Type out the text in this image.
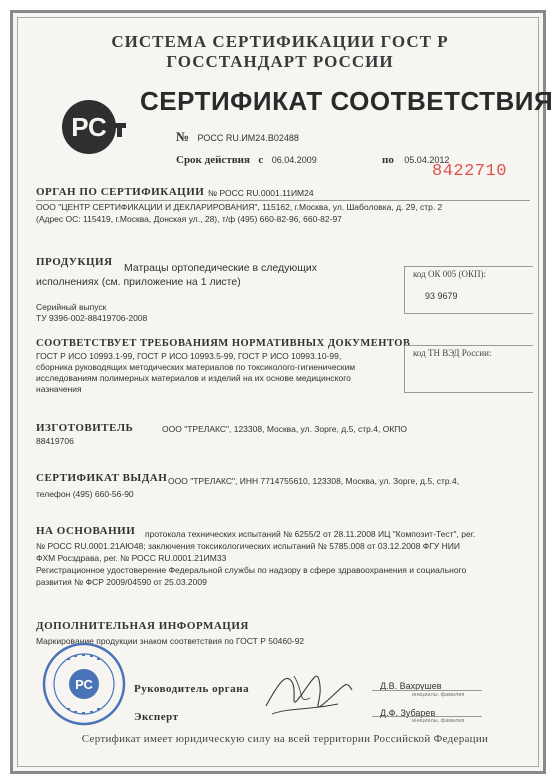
СИСТЕМА СЕРТИФИКАЦИИ ГОСТ Р
ГОССТАНДАРТ РОССИИ
РС
СЕРТИФИКАТ СООТВЕТСТВИЯ
№ РОСС RU.ИМ24.В02488
Срок действия с 06.04.2009	по 05.04.2012
8422710
ОРГАН ПО СЕРТИФИКАЦИИ № РОСС RU.0001.11ИМ24
ООО "ЦЕНТР СЕРТИФИКАЦИИ И ДЕКЛАРИРОВАНИЯ", 115162, г.Москва, ул. Шаболовка, д. 29, стр. 2
(Адрес ОС: 115419, г.Москва, Донская ул., 28), т/ф (495) 660-82-96, 660-82-97
ПРОДУКЦИЯ Матрацы ортопедические в следующих
исполнениях (см. приложение на 1 листе)
Серийный выпуск
ТУ 9396-002-88419706-2008
код ОК 005 (ОКП):
93 9679
СООТВЕТСТВУЕТ ТРЕБОВАНИЯМ НОРМАТИВНЫХ ДОКУМЕНТОВ
ГОСТ Р ИСО 10993.1-99, ГОСТ Р ИСО 10993.5-99, ГОСТ Р ИСО 10993.10-99,
сборника руководящих методических материалов по токсиколого-гигиеническим
исследованиям полимерных материалов и изделий на их основе медицинского
назначения
код ТН ВЭД России:
ИЗГОТОВИТЕЛЬ	ООО "ТРЕЛАКС", 123308, Москва, ул. Зорге, д.5, стр.4, ОКПО
88419706
СЕРТИФИКАТ ВЫДАН ООО "ТРЕЛАКС", ИНН 7714755610, 123308, Москва, ул. Зорге, д.5, стр.4,
телефон (495) 660-56-90
НА ОСНОВАНИИ протокола технических испытаний № 6255/2 от 28.11.2008 ИЦ "Композит-Тест", рег.
№ РОСС RU.0001.21АЮ48; заключения токсикологических испытаний № 5785.008 от 03.12.2008 ФГУ НИИ
ФХМ Росздрава, рег. № РОСС RU.0001.21ИМ33
Регистрационное удостоверение Федеральной службы по надзору в сфере здравоохранения и социального
развития № ФСР 2009/04590 от 25.03.2009
ДОПОЛНИТЕЛЬНАЯ ИНФОРМАЦИЯ
Маркирование продукции знаком соответствия по ГОСТ Р 50460-92
РС	Руководитель органа
Эксперт
Д.В. Вахрушев
инициалы, фамилия
Д.Ф. Зубарев
инициалы, фамилия
Сертификат имеет юридическую силу на всей территории Российской Федерации
